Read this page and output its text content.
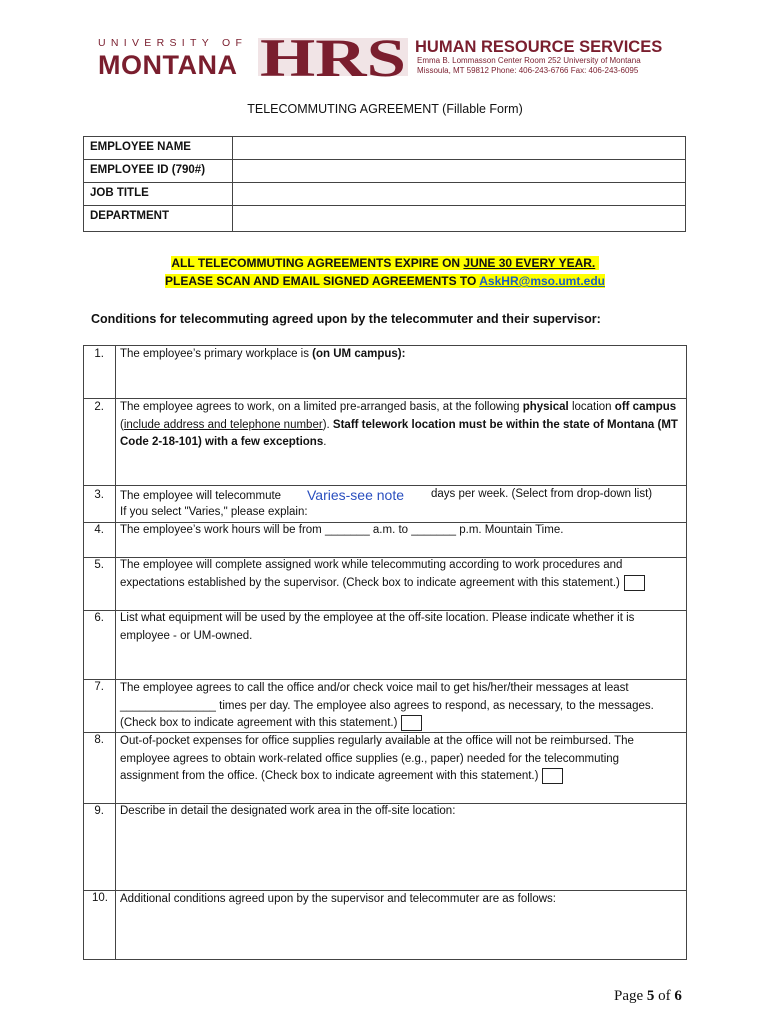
UNIVERSITY OF
MONTANA HRS HUMAN RESOURCE SERVICES
Emma B. Lommasson Center Room 252 University of Montana
Missoula, MT 59812 Phone: 406-243-6766 Fax: 406-243-6095
TELECOMMUTING AGREEMENT (Fillable Form)
EMPLOYEE NAME
EMPLOYEE ID (790#)
JOB TITLE
DEPARTMENT
ALL TELECOMMUTING AGREEMENTS EXPIRE ON JUNE 30 EVERY YEAR.
PLEASE SCAN AND EMAIL SIGNED AGREEMENTS TO AskHR@mso.umt.edu
Conditions for telecommuting agreed upon by the telecommuter and their supervisor:
1. The employee’s primary workplace is (on UM campus):
2. The employee agrees to work, on a limited pre-arranged basis, at the following physical location off campus (include address and telephone number). Staff telework location must be within the state of Montana (MT Code 2-18-101) with a few exceptions.
3. The employee will telecommute	Varies-see note days per week. (Select from drop-down list)
If you select "Varies," please explain:
4. The employee’s work hours will be from _______ a.m. to _______ p.m. Mountain Time.
5. The employee will complete assigned work while telecommuting according to work procedures and expectations established by the supervisor. (Check box to indicate agreement with this statement.)
6. List what equipment will be used by the employee at the off-site location. Please indicate whether it is employee - or UM-owned.
7. The employee agrees to call the office and/or check voice mail to get his/her/their messages at least _______________ times per day. The employee also agrees to respond, as necessary, to the messages. (Check box to indicate agreement with this statement.)
8. Out-of-pocket expenses for office supplies regularly available at the office will not be reimbursed. The employee agrees to obtain work-related office supplies (e.g., paper) needed for the telecommuting assignment from the office. (Check box to indicate agreement with this statement.)
9. Describe in detail the designated work area in the off-site location:
10. Additional conditions agreed upon by the supervisor and telecommuter are as follows:
Page 5 of 6
